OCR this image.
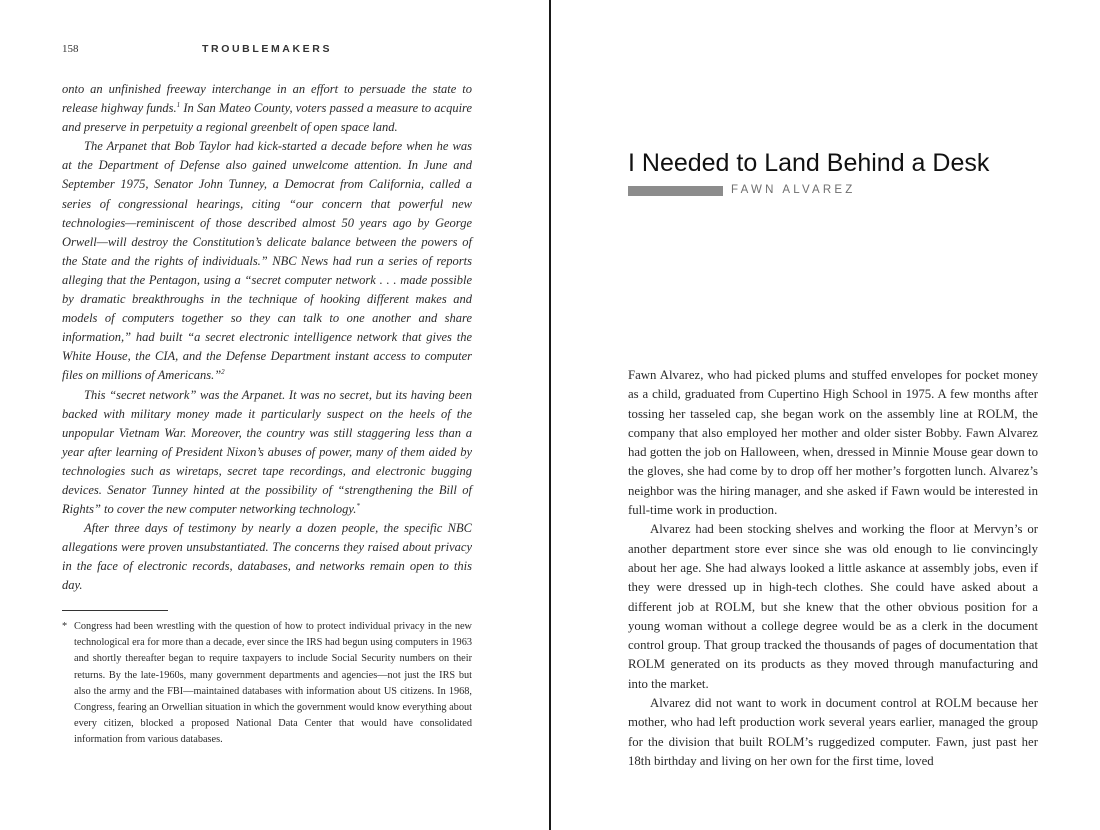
158	TROUBLEMAKERS

onto an unfinished freeway interchange in an effort to persuade the state to release highway funds.$^1$ In San Mateo County, voters passed a measure to acquire and preserve in perpetuity a regional greenbelt of open space land.

The Arpanet that Bob Taylor had kick-started a decade before when he was at the Department of Defense also gained unwelcome attention. In June and September 1975, Senator John Tunney, a Democrat from California, called a series of congressional hearings, citing “our concern that powerful new technologies—reminiscent of those described almost 50 years ago by George Orwell—will destroy the Constitution’s delicate balance between the powers of the State and the rights of individuals.” NBC News had run a series of reports alleging that the Pentagon, using a “secret computer network . . . made possible by dramatic breakthroughs in the technique of hooking different makes and models of computers together so they can talk to one another and share information,” had built “a secret electronic intelligence network that gives the White House, the CIA, and the Defense Department instant access to computer files on millions of Americans.”$^2$

This “secret network” was the Arpanet. It was no secret, but its having been backed with military money made it particularly suspect on the heels of the unpopular Vietnam War. Moreover, the country was still staggering less than a year after learning of President Nixon’s abuses of power, many of them aided by technologies such as wiretaps, secret tape recordings, and electronic bugging devices. Senator Tunney hinted at the possibility of “strengthening the Bill of Rights” to cover the new computer networking technology.*

After three days of testimony by nearly a dozen people, the specific NBC allegations were proven unsubstantiated. The concerns they raised about privacy in the face of electronic records, databases, and networks remain open to this day.

* Congress had been wrestling with the question of how to protect individual privacy in the new technological era for more than a decade, ever since the IRS had begun using computers in 1963 and shortly thereafter began to require taxpayers to include Social Security numbers on their returns. By the late-1960s, many government departments and agencies—not just the IRS but also the army and the FBI—maintained databases with information about US citizens. In 1968, Congress, fearing an Orwellian situation in which the government would know everything about every citizen, blocked a proposed National Data Center that would have consolidated information from various databases.
I Needed to Land Behind a Desk
FAWN ALVAREZ

Fawn Alvarez, who had picked plums and stuffed envelopes for pocket money as a child, graduated from Cupertino High School in 1975. A few months after tossing her tasseled cap, she began work on the assembly line at ROLM, the company that also employed her mother and older sister Bobby. Fawn Alvarez had gotten the job on Halloween, when, dressed in Minnie Mouse gear down to the gloves, she had come by to drop off her mother’s forgotten lunch. Alvarez’s neighbor was the hiring manager, and she asked if Fawn would be interested in full-time work in production.

Alvarez had been stocking shelves and working the floor at Mervyn’s or another department store ever since she was old enough to lie convincingly about her age. She had always looked a little askance at assembly jobs, even if they were dressed up in high-tech clothes. She could have asked about a different job at ROLM, but she knew that the other obvious position for a young woman without a college degree would be as a clerk in the document control group. That group tracked the thousands of pages of documentation that ROLM generated on its products as they moved through manufacturing and into the market.

Alvarez did not want to work in document control at ROLM because her mother, who had left production work several years earlier, managed the group for the division that built ROLM’s ruggedized computer. Fawn, just past her 18th birthday and living on her own for the first time, loved
